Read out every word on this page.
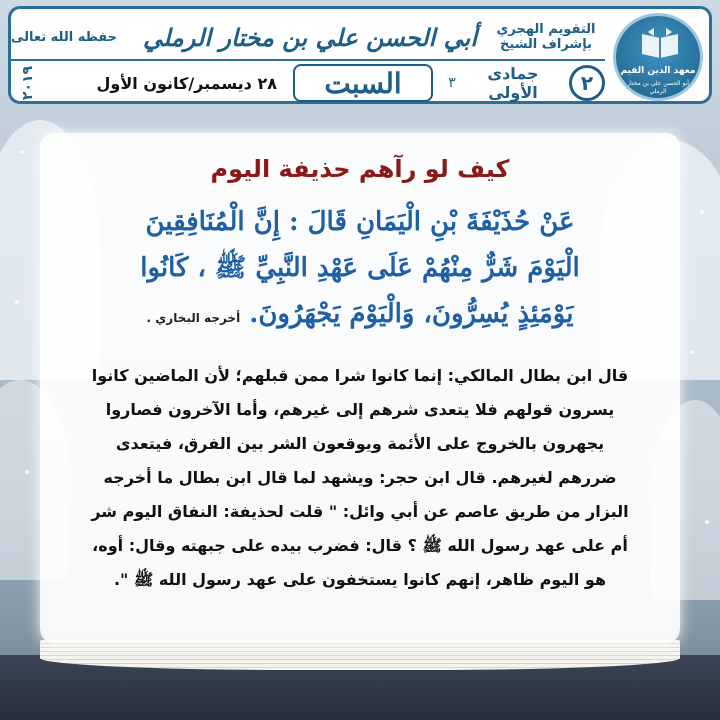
معهد الدين القيم
أبو الحسن علي بن مختار الرملي
التقويم الهجري
بإشراف الشيخ
أبي الحسن علي بن مختار الرملي
حفظه الله تعالى
٢
جمادى الأولى
٣
السبت
٢٨ ديسمبر/كانون الأول
٢٠١٩
كيف لو رآهم حذيفة اليوم
عَنْ حُذَيْفَةَ بْنِ الْيَمَانِ قَالَ : إِنَّ الْمُنَافِقِينَ
الْيَوْمَ شَرٌّ مِنْهُمْ عَلَى عَهْدِ النَّبِيِّ ﷺ ، كَانُوا
يَوْمَئِذٍ يُسِرُّونَ، وَالْيَوْمَ يَجْهَرُونَ. أخرجه البخاري .
قال ابن بطال المالكي: إنما كانوا شرا ممن قبلهم؛ لأن الماضين كانوا
يسرون قولهم فلا يتعدى شرهم إلى غيرهم، وأما الآخرون فصاروا
يجهرون بالخروج على الأئمة ويوقعون الشر بين الفرق، فيتعدى
ضررهم لغيرهم. قال ابن حجر: ويشهد لما قال ابن بطال ما أخرجه
البزار من طريق عاصم عن أبي وائل: " قلت لحذيفة: النفاق اليوم شر
أم على عهد رسول الله ﷺ ؟ قال: فضرب بيده على جبهته وقال: أوه،
هو اليوم ظاهر، إنهم كانوا يستخفون على عهد رسول الله ﷺ ".
